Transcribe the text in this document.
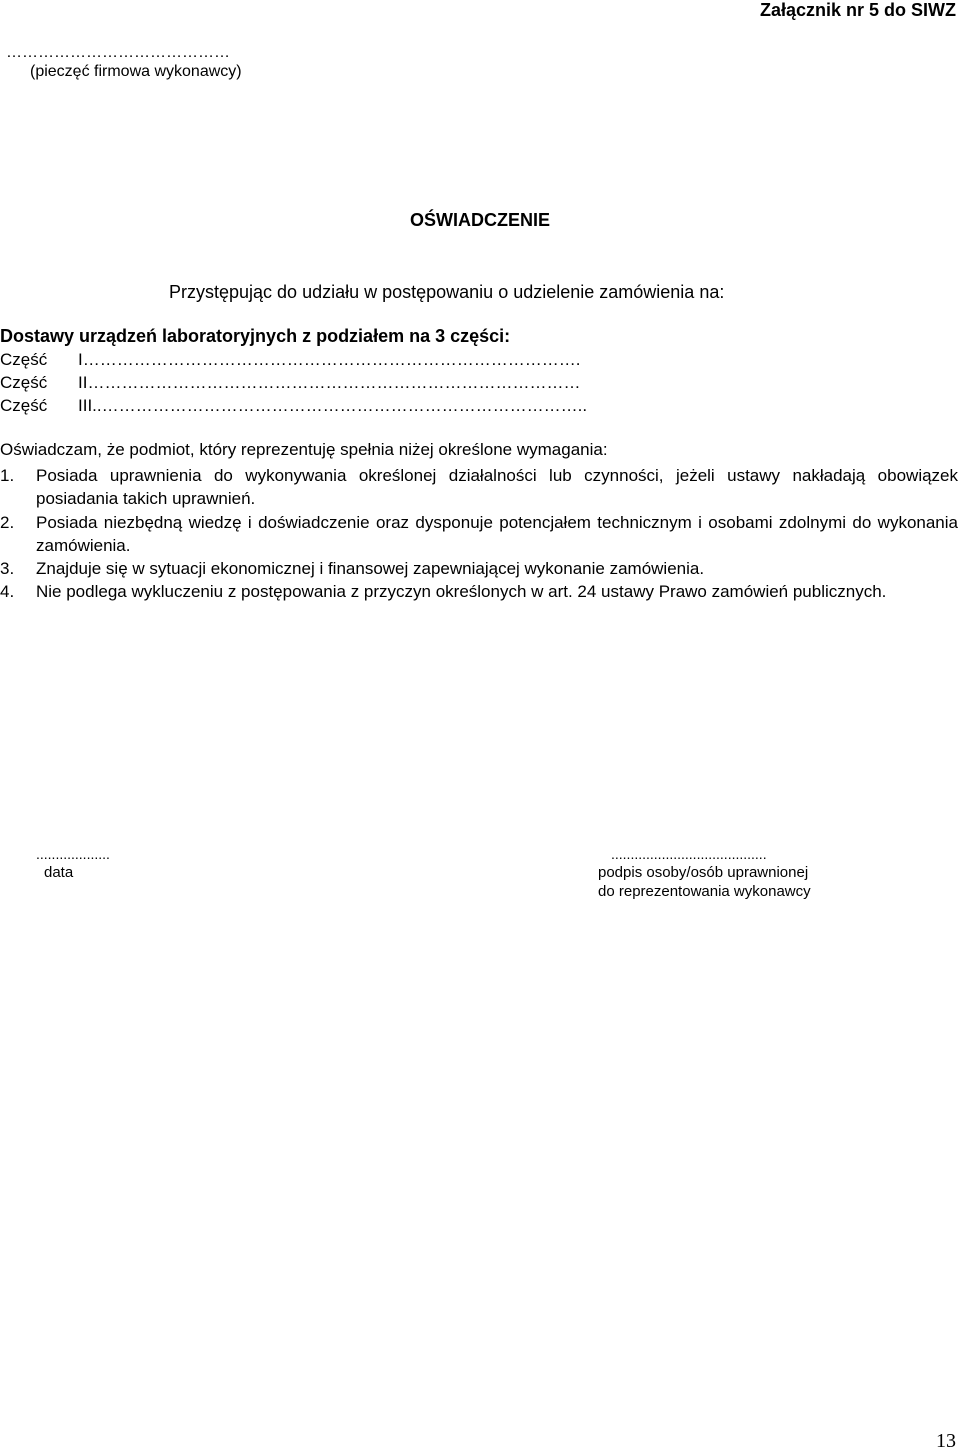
Załącznik nr 5 do SIWZ
……………………………………
(pieczęć firmowa wykonawcy)
OŚWIADCZENIE
Przystępując do udziału w postępowaniu o udzielenie zamówienia na:
Dostawy urządzeń laboratoryjnych z podziałem na 3 części:
Część I…………………………………………………………………………….
Część II……………………………………………………………………………
Część III..…………………………………………………………………………..
Oświadczam, że podmiot, który reprezentuję spełnia niżej określone wymagania:
1. Posiada uprawnienia do wykonywania określonej działalności lub czynności, jeżeli ustawy nakładają obowiązek posiadania takich uprawnień.
2. Posiada niezbędną wiedzę i doświadczenie oraz dysponuje potencjałem technicznym i osobami zdolnymi do wykonania zamówienia.
3. Znajduje się w sytuacji ekonomicznej i finansowej zapewniającej wykonanie zamówienia.
4. Nie podlega wykluczeniu z postępowania z przyczyn określonych w art. 24 ustawy Prawo zamówień publicznych.
...................
data
........................................
podpis osoby/osób uprawnionej
do reprezentowania wykonawcy
13
